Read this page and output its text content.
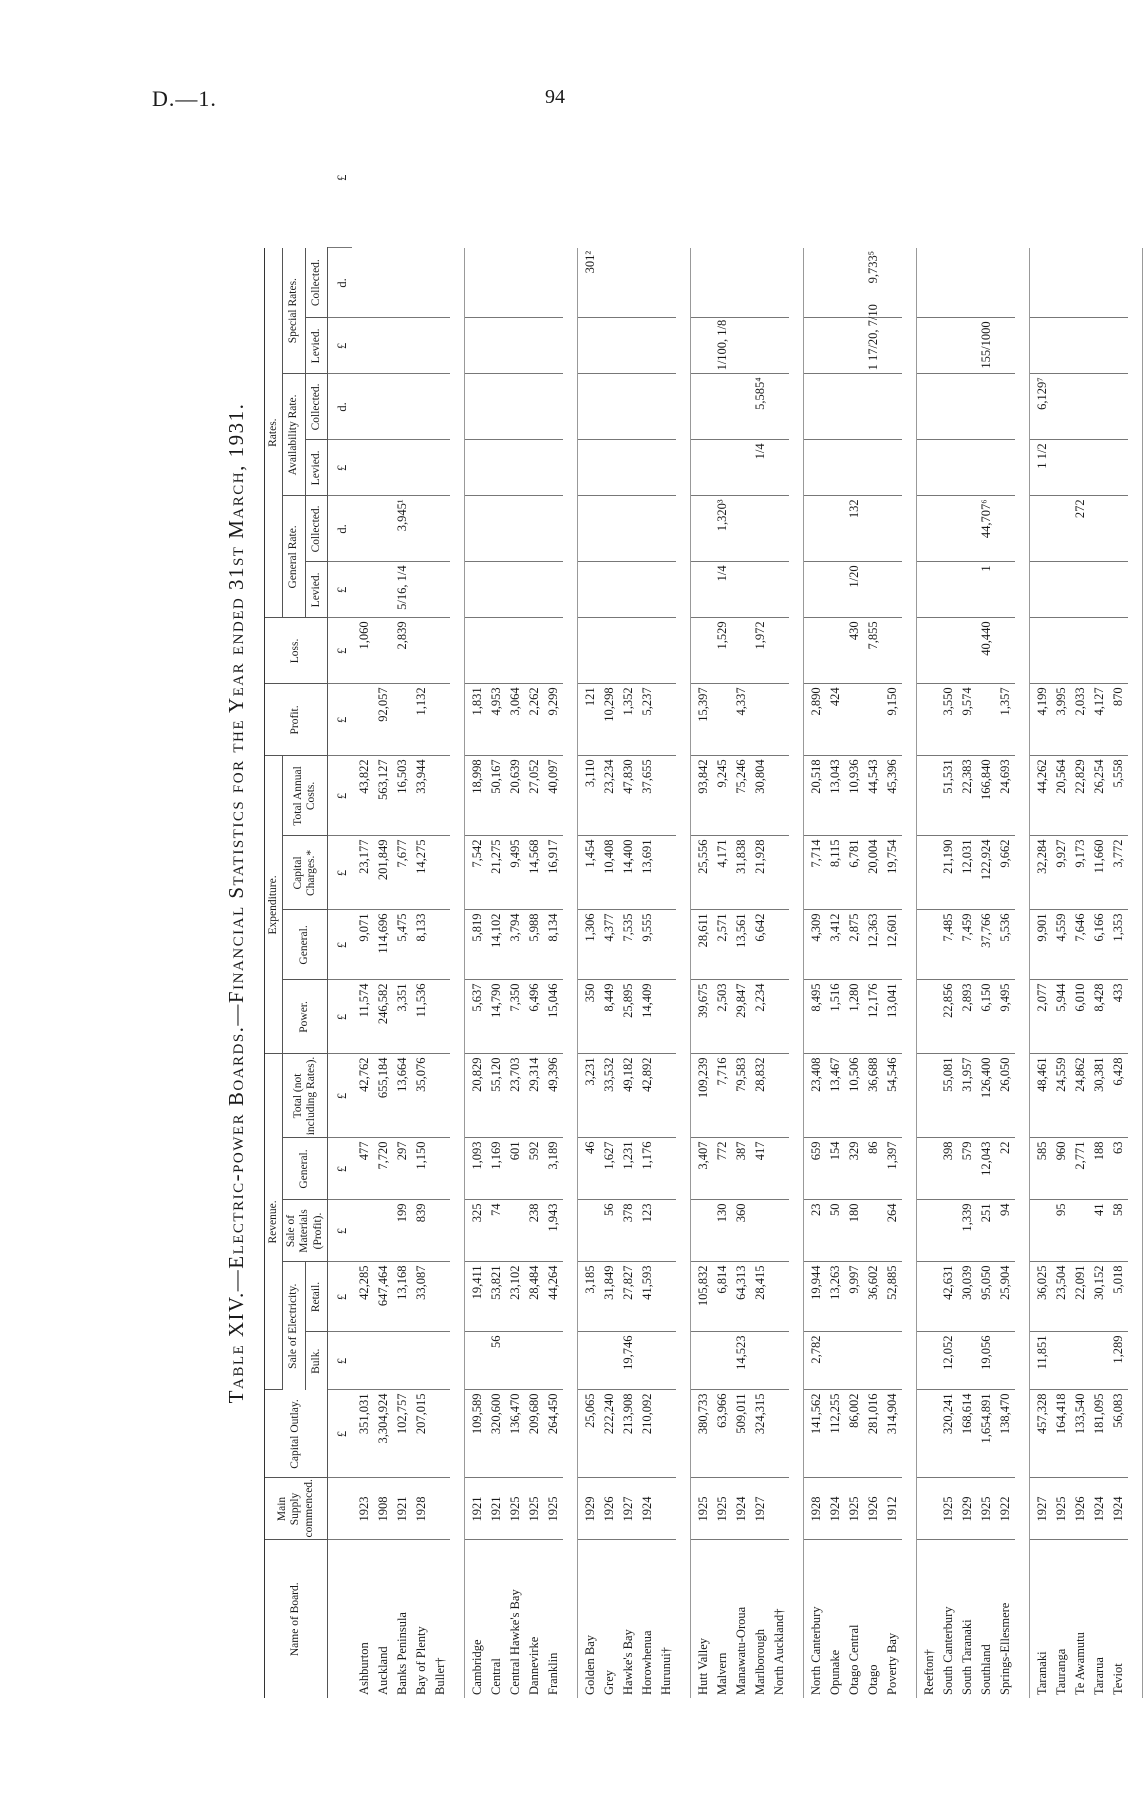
D.—1.	94
Table XIV.—Electric-power Boards.—Financial Statistics for the Year ended 31st March, 1931.
Name of Board.	Main Supply commenced.	Capital Outlay.	Revenue.					Expenditure.				Profit.	Loss.	Rates.						
			Sale of Electricity.		Sale of Materials (Profit).	General.	Total (not including Rates).	Power.	General.	Capital Charges.*	Total Annual Costs.			General Rate.		Availability Rate.		Special Rates.		
			Bulk.	Retail.										Levied.	Collected.	Levied.	Collected.	Levied.	Collected.	
		£	£	£	£	£	£	£	£	£	£	£	£	£	d.	£	d.	£	d.	£
Ashburton	1923	351,031		42,285		477	42,762	11,574	9,071	23,177	43,822		1,060							
Auckland	1908	3,304,924		647,464		7,720	655,184	246,582	114,696	201,849	563,127	92,057								
Banks Peninsula	1921	102,757		13,168	199	297	13,664	3,351	5,475	7,677	16,503		2,839	5/16, 1/4	3,945¹					
Bay of Plenty	1928	207,015		33,087	839	1,150	35,076	11,536	8,133	14,275	33,944	1,132								
Buller†																				

Cambridge	1921	109,589		19,411	325	1,093	20,829	5,637	5,819	7,542	18,998	1,831								
Central	1921	320,600	56	53,821	74	1,169	55,120	14,790	14,102	21,275	50,167	4,953								
Central Hawke's Bay	1925	136,470		23,102		601	23,703	7,350	3,794	9,495	20,639	3,064								
Dannevirke	1925	209,680		28,484	238	592	29,314	6,496	5,988	14,568	27,052	2,262								
Franklin	1925	264,450		44,264	1,943	3,189	49,396	15,046	8,134	16,917	40,097	9,299								

Golden Bay	1929	25,065		3,185		46	3,231	350	1,306	1,454	3,110	121							301²	
Grey	1926	222,240		31,849	56	1,627	33,532	8,449	4,377	10,408	23,234	10,298								
Hawke's Bay	1927	213,908	19,746	27,827	378	1,231	49,182	25,895	7,535	14,400	47,830	1,352								
Horowhenua	1924	210,092		41,593	123	1,176	42,892	14,409	9,555	13,691	37,655	5,237								
Hurunui†																				

Hutt Valley	1925	380,733		105,832		3,407	109,239	39,675	28,611	25,556	93,842	15,397								
Malvern	1925	63,966		6,814	130	772	7,716	2,503	2,571	4,171	9,245		1,529	1/4	1,320³			1/100, 1/8		
Manawatu-Oroua	1924	509,011	14,523	64,313	360	387	79,583	29,847	13,561	31,838	75,246	4,337								
Marlborough	1927	324,315		28,415		417	28,832	2,234	6,642	21,928	30,804		1,972			1/4	5,585⁴			
North Auckland†																				

North Canterbury	1928	141,562	2,782	19,944	23	659	23,408	8,495	4,309	7,714	20,518	2,890								
Opunake	1924	112,255		13,263	50	154	13,467	1,516	3,412	8,115	13,043	424								
Otago Central	1925	86,002		9,997	180	329	10,506	1,280	2,875	6,781	10,936		430	1/20	132					
Otago	1926	281,016		36,602		86	36,688	12,176	12,363	20,004	44,543		7,855					1 17/20, 7/10	9,733⁵	
Poverty Bay	1912	314,904		52,885	264	1,397	54,546	13,041	12,601	19,754	45,396	9,150								

Reefton†																				
South Canterbury	1925	320,241	12,052	42,631		398	55,081	22,856	7,485	21,190	51,531	3,550								
South Taranaki	1929	168,614		30,039	1,339	579	31,957	2,893	7,459	12,031	22,383	9,574								
Southland	1925	1,654,891	19,056	95,050	251	12,043	126,400	6,150	37,766	122,924	166,840		40,440	1	44,707⁶			155/1000		
Springs-Ellesmere	1922	138,470		25,904	94	22	26,050	9,495	5,536	9,662	24,693	1,357								

Taranaki	1927	457,328	11,851	36,025		585	48,461	2,077	9,901	32,284	44,262	4,199				1 1/2	6,129⁷			
Tauranga	1925	164,418		23,504	95	960	24,559	5,944	4,559	9,927	20,564	3,995								
Te Awamutu	1926	133,540		22,091		2,771	24,862	6,010	7,646	9,173	22,829	2,033			272					
Tararua	1924	181,095		30,152	41	188	30,381	8,428	6,166	11,660	26,254	4,127								
Teviot	1924	56,083	1,289	5,018	58	63	6,428	433	1,353	3,772	5,558	870								
